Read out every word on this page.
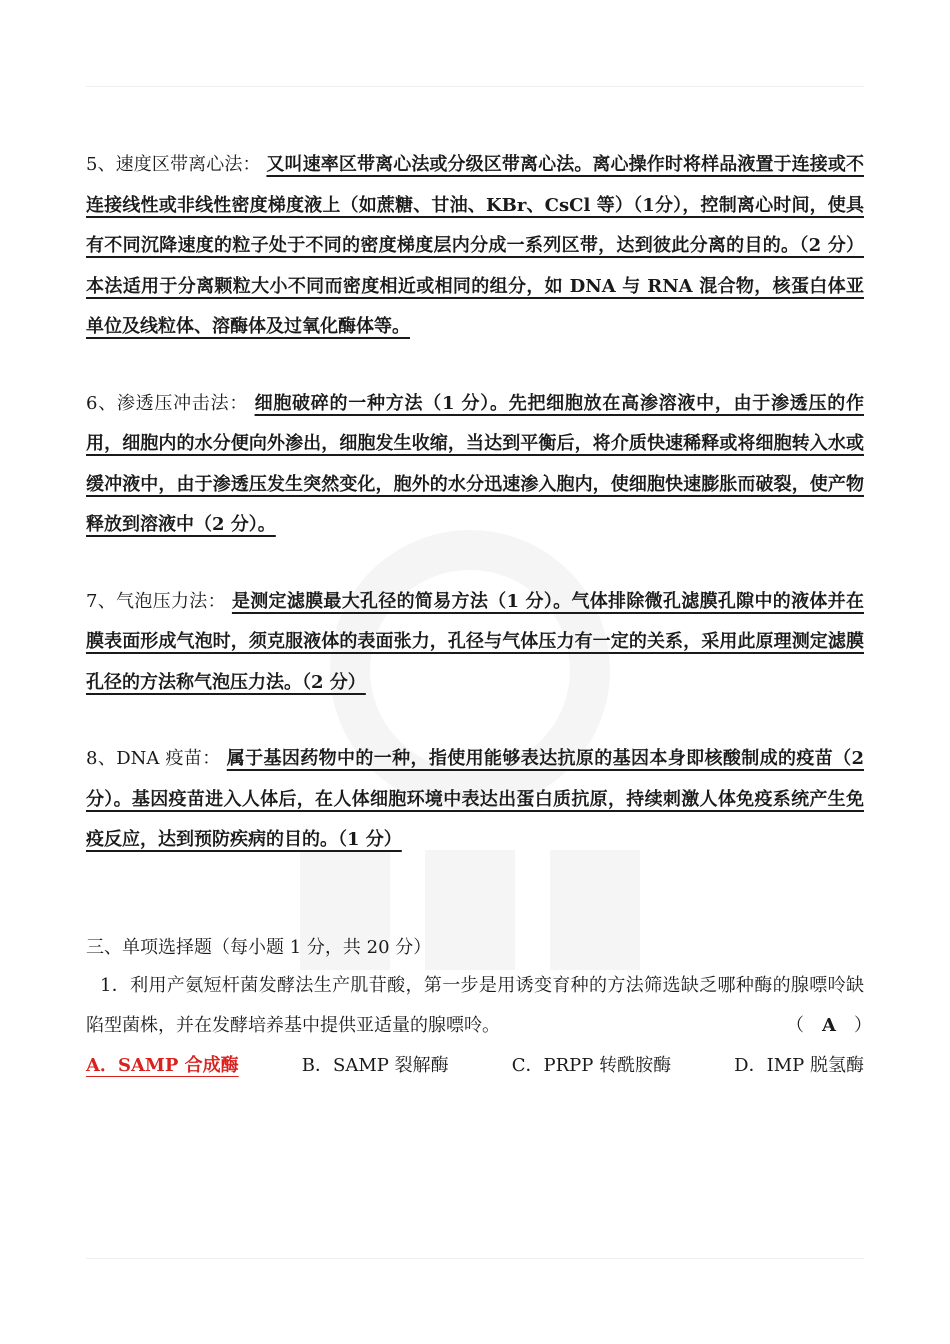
5、速度区带离心法： 又叫速率区带离心法或分级区带离心法。离心操作时将样品液置于连接或不连接线性或非线性密度梯度液上（如蔗糖、甘油、KBr、CsCl 等）（1分），控制离心时间，使具有不同沉降速度的粒子处于不同的密度梯度层内分成一系列区带，达到彼此分离的目的。（2 分）本法适用于分离颗粒大小不同而密度相近或相同的组分，如 DNA 与 RNA 混合物，核蛋白体亚单位及线粒体、溶酶体及过氧化酶体等。

6、渗透压冲击法： 细胞破碎的一种方法（1 分）。先把细胞放在高渗溶液中，由于渗透压的作用，细胞内的水分便向外渗出，细胞发生收缩，当达到平衡后，将介质快速稀释或将细胞转入水或缓冲液中，由于渗透压发生突然变化，胞外的水分迅速渗入胞内，使细胞快速膨胀而破裂，使产物释放到溶液中（2 分）。

7、气泡压力法： 是测定滤膜最大孔径的简易方法（1 分）。气体排除微孔滤膜孔隙中的液体并在膜表面形成气泡时，须克服液体的表面张力，孔径与气体压力有一定的关系，采用此原理测定滤膜孔径的方法称气泡压力法。（2 分）

8、DNA 疫苗： 属于基因药物中的一种，指使用能够表达抗原的基因本身即核酸制成的疫苗（2 分）。基因疫苗进入人体后，在人体细胞环境中表达出蛋白质抗原，持续刺激人体免疫系统产生免疫反应，达到预防疾病的目的。（1 分）

三、单项选择题（每小题 1 分，共 20 分）

1．利用产氨短杆菌发酵法生产肌苷酸，第一步是用诱变育种的方法筛选缺乏哪种酶的腺嘌呤缺陷型菌株，并在发酵培养基中提供亚适量的腺嘌呤。	（ A ）

A．SAMP 合成酶	B．SAMP 裂解酶	C．PRPP 转酰胺酶	D．IMP 脱氢酶
